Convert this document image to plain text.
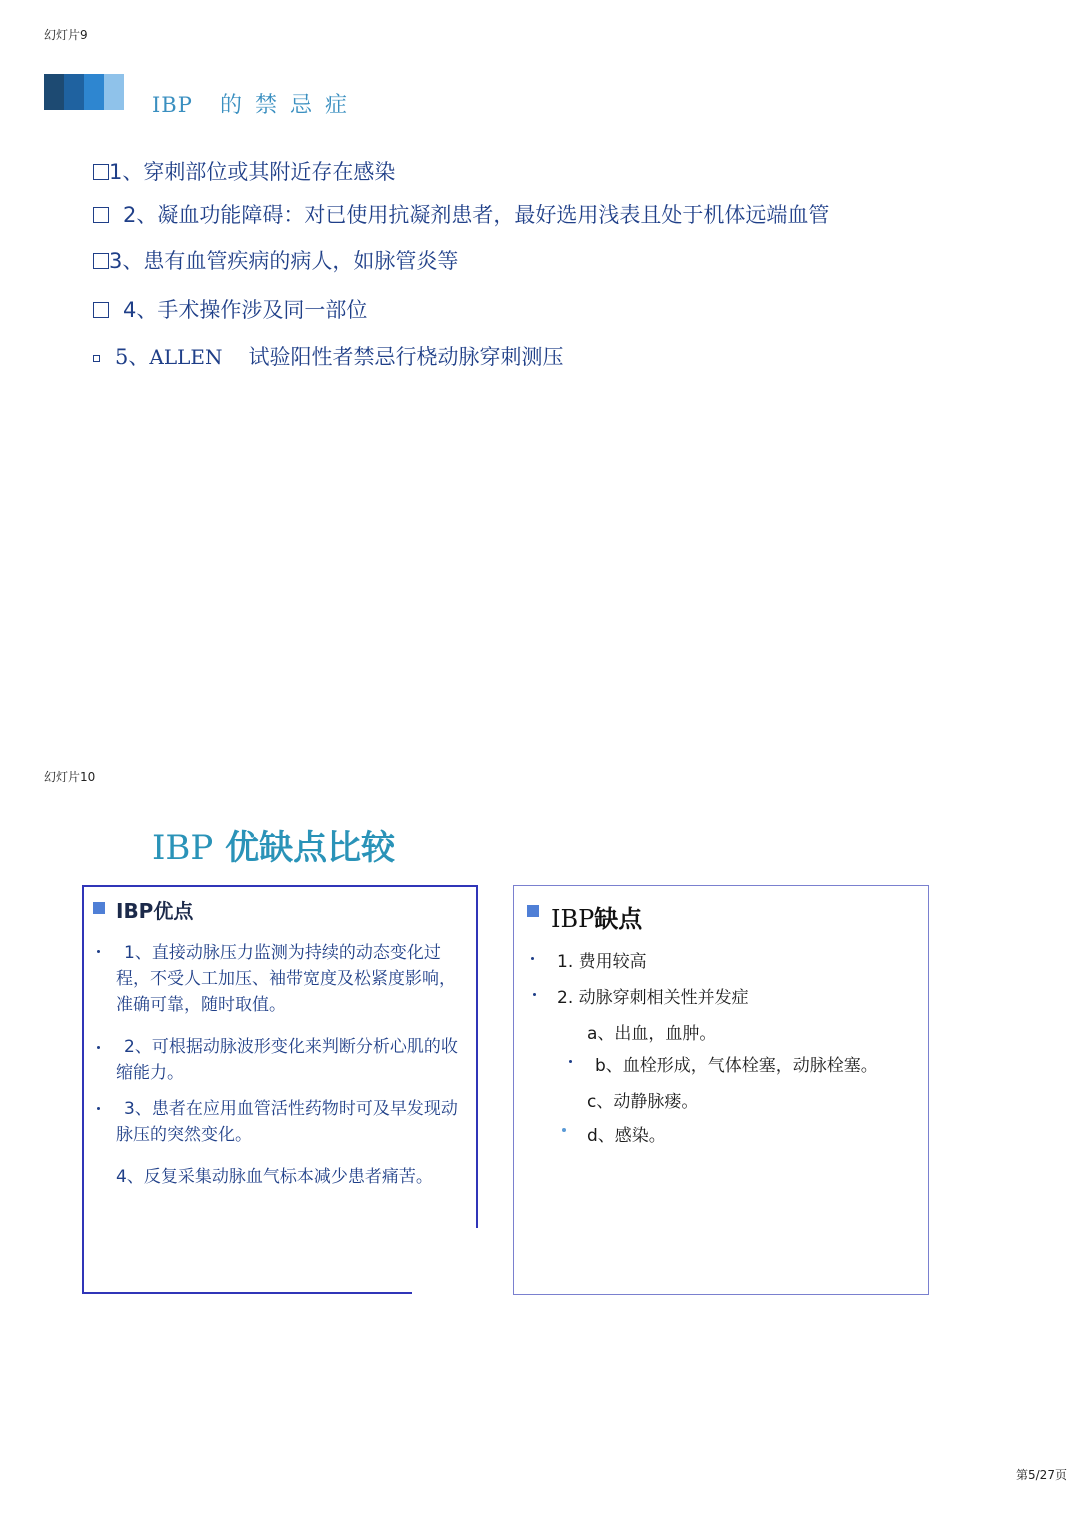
幻灯片9
IBP 的禁忌症
1、穿刺部位或其附近存在感染
2、凝血功能障碍：对已使用抗凝剂患者，最好选用浅表且处于机体远端血管
3、患有血管疾病的病人，如脉管炎等
4、手术操作涉及同一部位
5、ALLEN 试验阳性者禁忌行桡动脉穿刺测压
幻灯片10
IBP 优缺点比较
IBP优点
1、直接动脉压力监测为持续的动态变化过程，不受人工加压、袖带宽度及松紧度影响，准确可靠，随时取值。
2、可根据动脉波形变化来判断分析心肌的收缩能力。
3、患者在应用血管活性药物时可及早发现动脉压的突然变化。
4、反复采集动脉血气标本减少患者痛苦。
IBP缺点
1. 费用较高
2. 动脉穿刺相关性并发症
a、出血，血肿。
b、血栓形成，气体栓塞，动脉栓塞。
c、动静脉瘘。
d、感染。
第5/27页
